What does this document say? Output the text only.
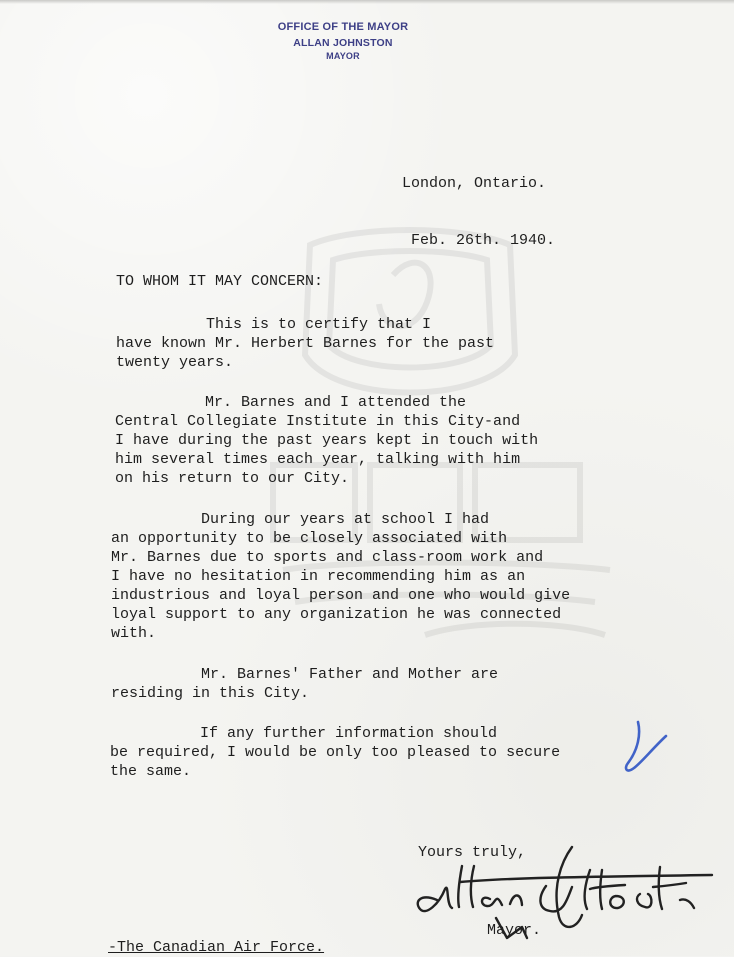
OFFICE OF THE MAYOR
ALLAN JOHNSTON
MAYOR

London, Ontario.

Feb. 26th. 1940.

TO WHOM IT MAY CONCERN:
This is to certify that I
have known Mr. Herbert Barnes for the past
twenty years.
Mr. Barnes and I attended the
Central Collegiate Institute in this City-and
I have during the past years kept in touch with
him several times each year, talking with him
on his return to our City.
During our years at school I had
an opportunity to be closely associated with
Mr. Barnes due to sports and class-room work and
I have no hesitation in recommending him as an
industrious and loyal person and one who would give
loyal support to any organization he was connected
with.
Mr. Barnes' Father and Mother are
residing in this City.
If any further information should
be required, I would be only too pleased to secure
the same.
Yours truly,
Mayor.
-The Canadian Air Force.
